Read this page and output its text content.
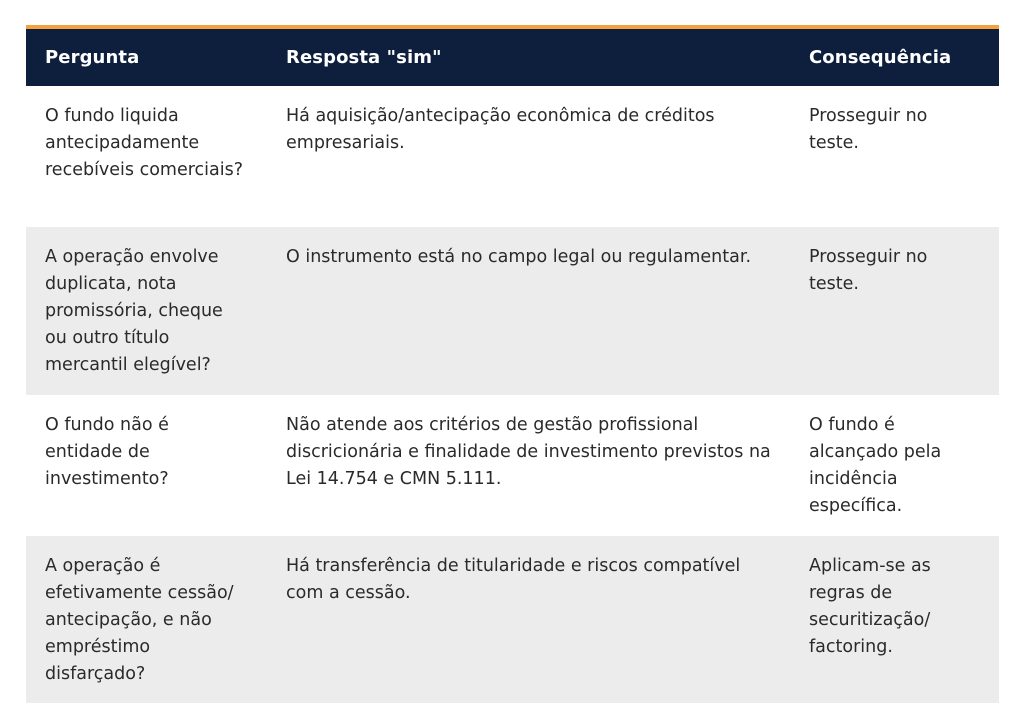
Pergunta	Resposta "sim"	Consequência
O fundo liquida antecipadamente recebíveis comerciais?	Há aquisição/antecipação econômica de créditos empresariais.	Prosseguir no teste.
A operação envolve duplicata, nota promissória, cheque ou outro título mercantil elegível?	O instrumento está no campo legal ou regulamentar.	Prosseguir no teste.
O fundo não é entidade de investimento?	Não atende aos critérios de gestão profissional discricionária e finalidade de investimento previstos na Lei 14.754 e CMN 5.111.	O fundo é alcançado pela incidência específica.
A operação é efetivamente cessão/ antecipação, e não empréstimo disfarçado?	Há transferência de titularidade e riscos compatível com a cessão.	Aplicam-se as regras de securitização/ factoring.
